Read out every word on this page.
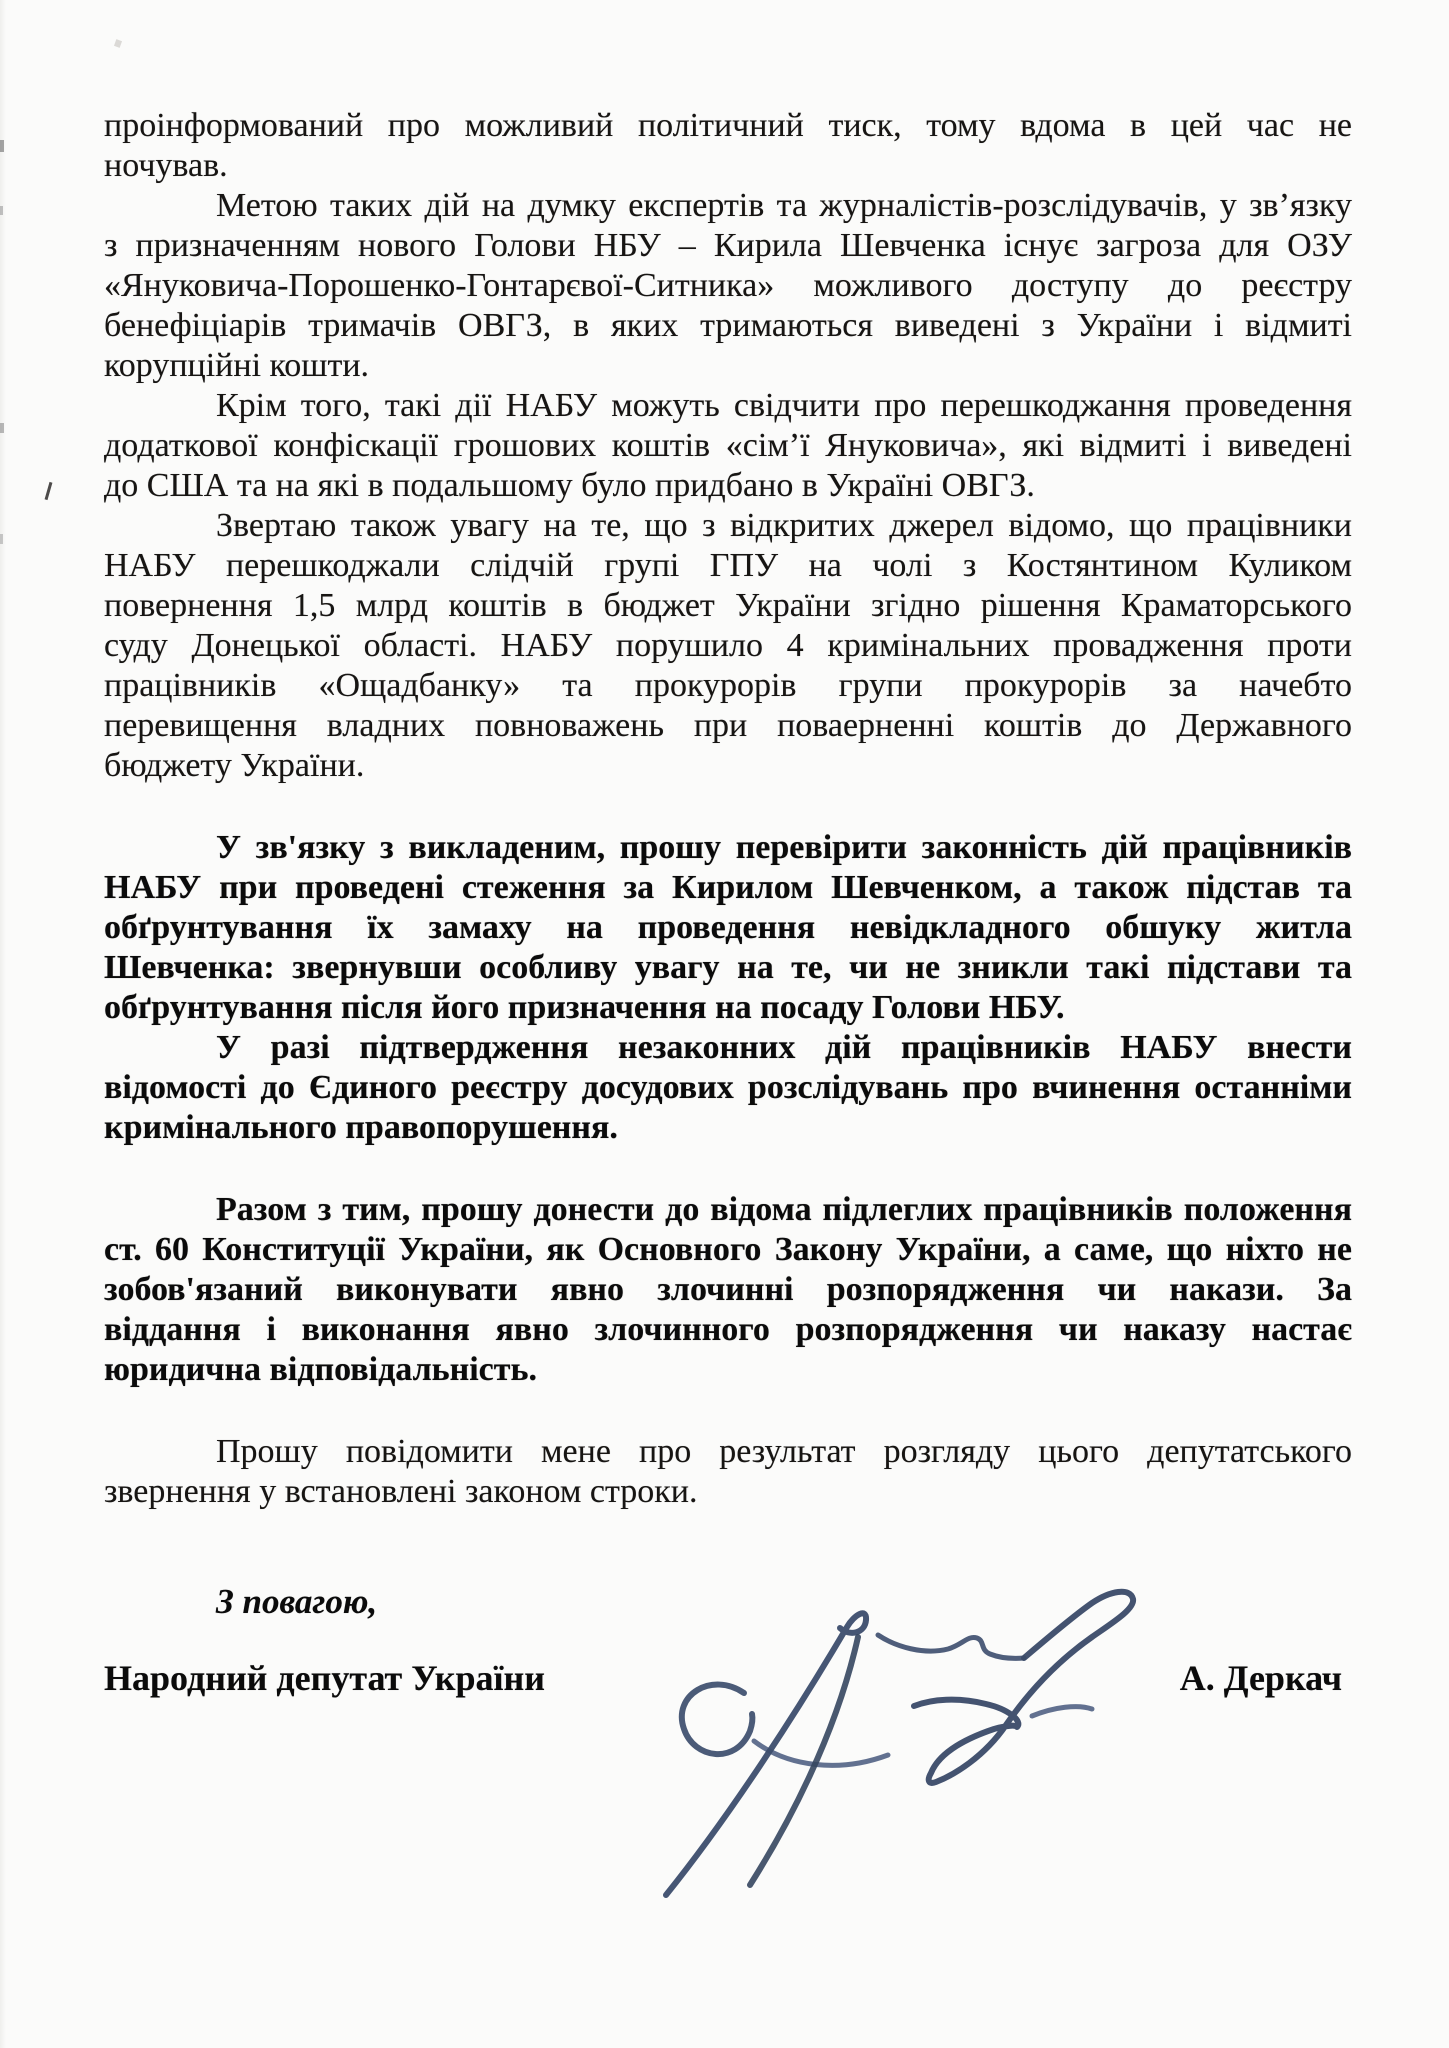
проінформований про можливий політичний тиск, тому вдома в цей час не
ночував.

Метою таких дій на думку експертів та журналістів-розслідувачів, у зв’язку
з призначенням нового Голови НБУ – Кирила Шевченка існує загроза для ОЗУ
«Януковича-Порошенко-Гонтарєвої-Ситника» можливого доступу до реєстру
бенефіціарів тримачів ОВГЗ, в яких тримаються виведені з України і відмиті
корупційні кошти.

Крім того, такі дії НАБУ можуть свідчити про перешкоджання проведення
додаткової конфіскації грошових коштів «сім’ї Януковича», які відмиті і виведені
до США та на які в подальшому було придбано в Україні ОВГЗ.

Звертаю також увагу на те, що з відкритих джерел відомо, що працівники
НАБУ перешкоджали слідчій групі ГПУ на чолі з Костянтином Куликом
повернення 1,5 млрд коштів в бюджет України згідно рішення Краматорського
суду Донецької області. НАБУ порушило 4 кримінальних провадження проти
працівників «Ощадбанку» та прокурорів групи прокурорів за начебто
перевищення владних повноважень при поваерненні коштів до Державного
бюджету України.

У зв'язку з викладеним, прошу перевірити законність дій працівників
НАБУ при проведені стеження за Кирилом Шевченком, а також підстав та
обґрунтування їх замаху на проведення невідкладного обшуку житла
Шевченка: звернувши особливу увагу на те, чи не зникли такі підстави та
обґрунтування після його призначення на посаду Голови НБУ.

У разі підтвердження незаконних дій працівників НАБУ внести
відомості до Єдиного реєстру досудових розслідувань про вчинення останніми
кримінального правопорушення.

Разом з тим, прошу донести до відома підлеглих працівників положення
ст. 60 Конституції України, як Основного Закону України, а саме, що ніхто не
зобов'язаний виконувати явно злочинні розпорядження чи накази. За
віддання і виконання явно злочинного розпорядження чи наказу настає
юридична відповідальність.

Прошу повідомити мене про результат розгляду цього депутатського
звернення у встановлені законом строки.

З повагою,
Народний депутат України	А. Деркач
